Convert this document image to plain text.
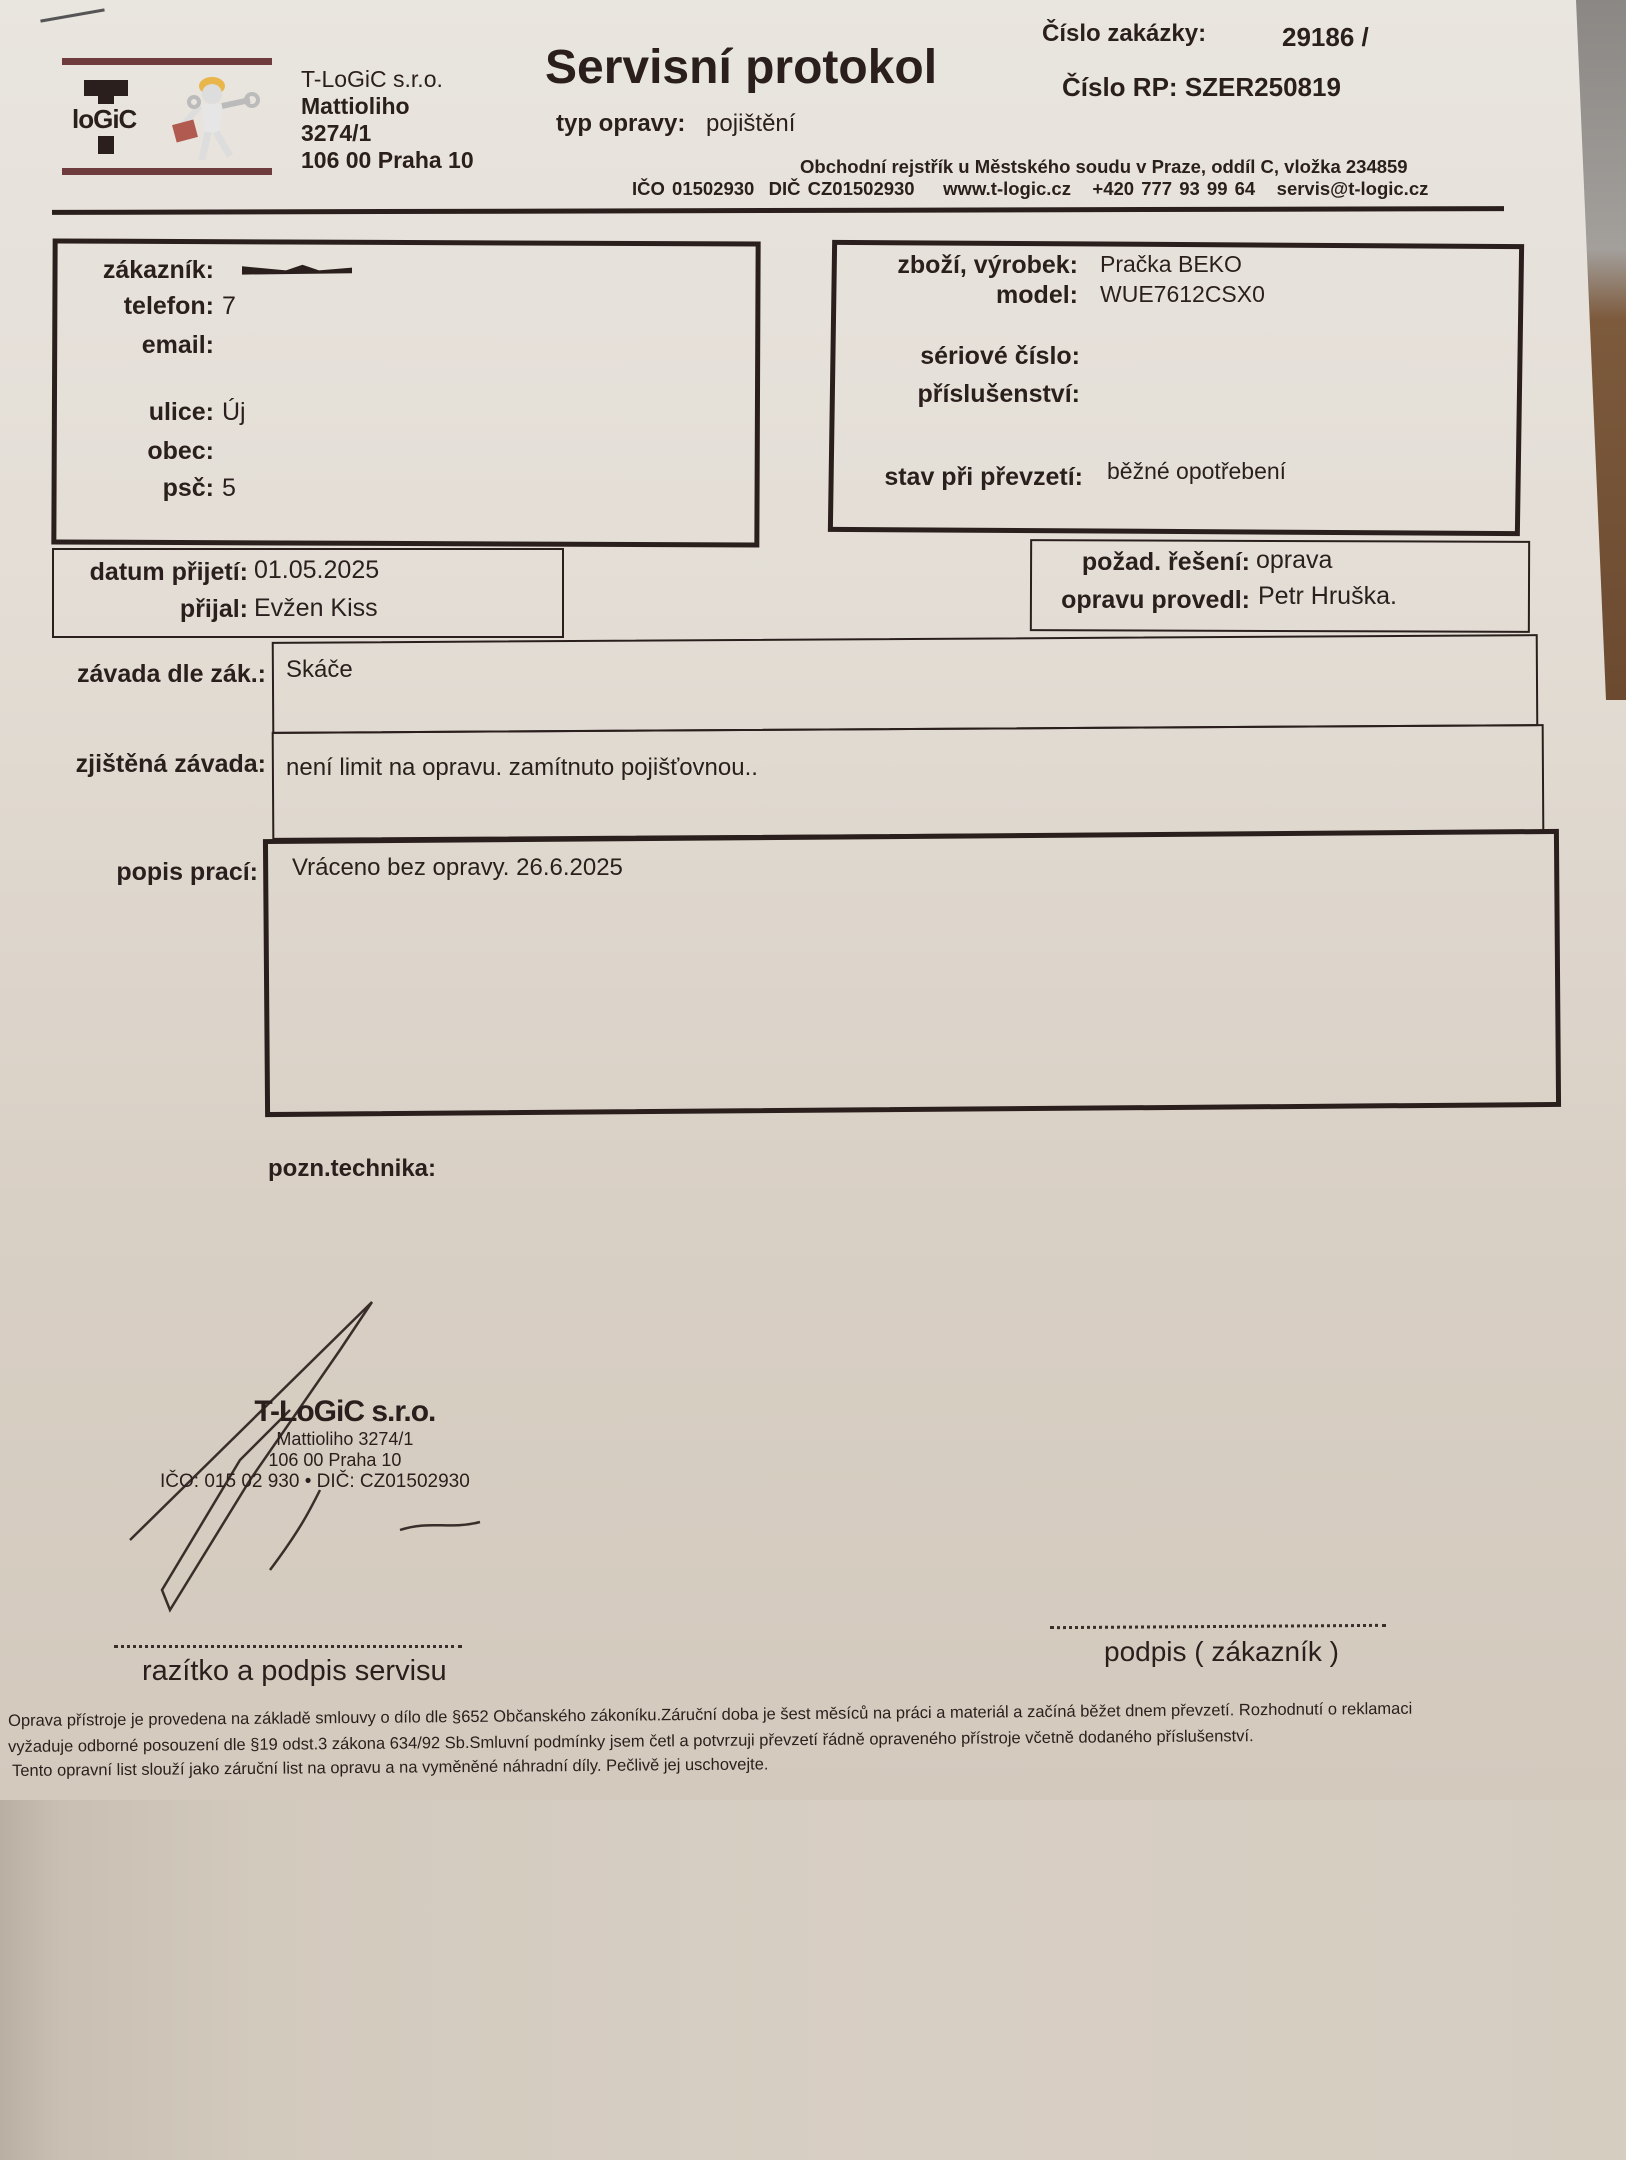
loGiC
T-LoGiC s.r.o.
Mattioliho
3274/1
106 00 Praha 10
Servisní protokol
typ opravy: pojištění
Číslo zakázky:	29186 /
Číslo RP: SZER250819
Obchodní rejstřík u Městského soudu v Praze, oddíl C, vložka 234859
IČO 01502930 DIČ CZ01502930 www.t-logic.cz +420 777 93 99 64 servis@t-logic.cz
zákazník:
telefon: 7
email:
ulice: Új
obec:
psč: 5
zboží, výrobek: Pračka BEKO
model: WUE7612CSX0
sériové číslo:
příslušenství:
stav při převzetí: běžné opotřebení
datum přijetí: 01.05.2025
přijal: Evžen Kiss
požad. řešení: oprava
opravu provedl: Petr Hruška.
závada dle zák.: Skáče
zjištěná závada: není limit na opravu. zamítnuto pojišťovnou..
popis prací: Vráceno bez opravy. 26.6.2025
pozn.technika:
T-LoGiC s.r.o.
Mattioliho 3274/1
106 00 Praha 10
IČO: 015 02 930 • DIČ: CZ01502930
razítko a podpis servisu
podpis ( zákazník )
Oprava přístroje je provedena na základě smlouvy o dílo dle §652 Občanského zákoníku.Záruční doba je šest měsíců na práci a materiál a začíná běžet dnem převzetí. Rozhodnutí o reklamaci
vyžaduje odborné posouzení dle §19 odst.3 zákona 634/92 Sb.Smluvní podmínky jsem četl a potvrzuji převzetí řádně opraveného přístroje včetně dodaného příslušenství.
Tento opravní list slouží jako záruční list na opravu a na vyměněné náhradní díly. Pečlivě jej uschovejte.
